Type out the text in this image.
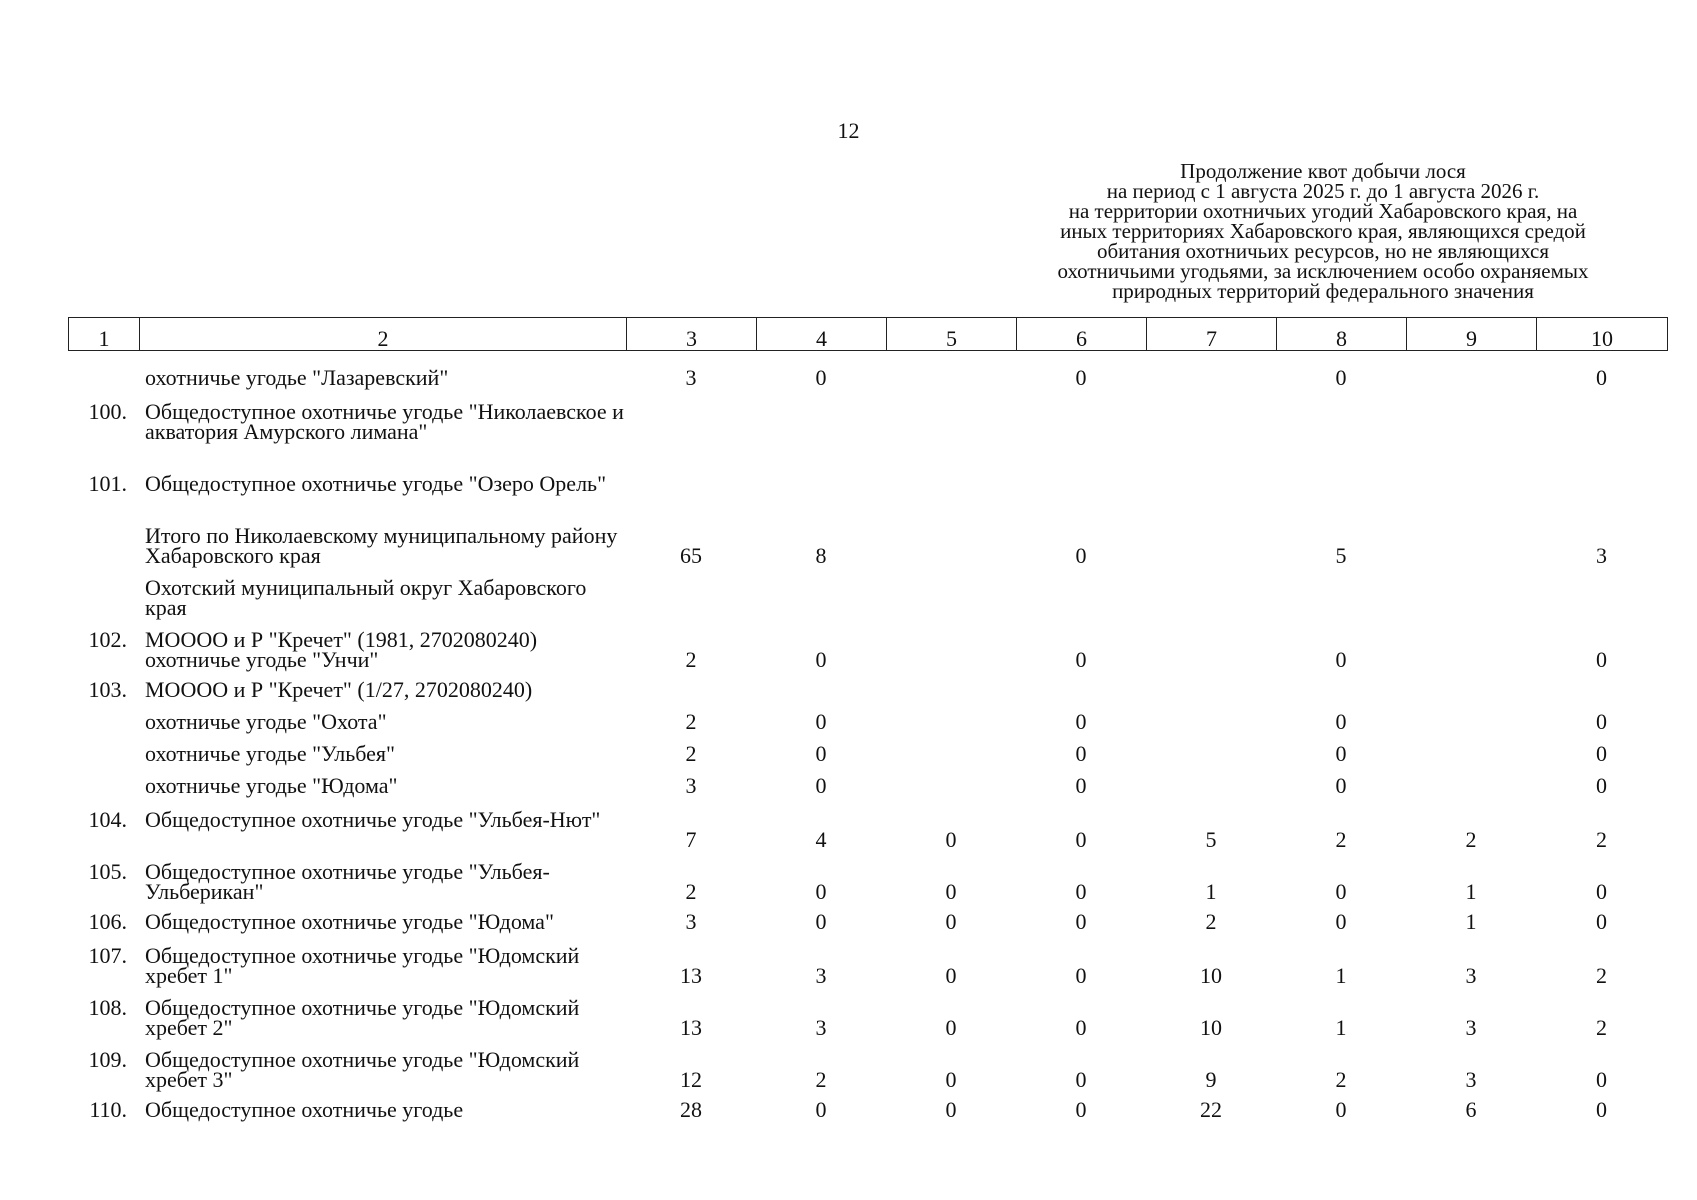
12
Продолжение квот добычи лося
на период с 1 августа 2025 г. до 1 августа 2026 г.
на территории охотничьих угодий Хабаровского края, на
иных территориях Хабаровского края, являющихся средой
обитания охотничьих ресурсов, но не являющихся
охотничьими угодьями, за исключением особо охраняемых
природных территорий федерального значения
1	2	3	4	5	6	7	8	9	10
	охотничье угодье "Лазаревский"	3	0		0		0		0
100.	Общедоступное охотничье угодье "Николаевское и акватория Амурского лимана"								
101.	Общедоступное охотничье угодье "Озеро Орель"								
	Итого по Николаевскому муниципальному району Хабаровского края	65	8		0		5		3
	Охотский муниципальный округ Хабаровского края								
102.	МОООО и Р "Кречет" (1981, 2702080240) охотничье угодье "Унчи"	2	0		0		0		0
103.	МОООО и Р "Кречет" (1/27, 2702080240)								
	охотничье угодье "Охота"	2	0		0		0		0
	охотничье угодье "Ульбея"	2	0		0		0		0
	охотничье угодье "Юдома"	3	0		0		0		0
104.	Общедоступное охотничье угодье "Ульбея-Нют"	7	4	0	0	5	2	2	2
105.	Общедоступное охотничье угодье "Ульбея-Ульберикан"	2	0	0	0	1	0	1	0
106.	Общедоступное охотничье угодье "Юдома"	3	0	0	0	2	0	1	0
107.	Общедоступное охотничье угодье "Юдомский хребет 1"	13	3	0	0	10	1	3	2
108.	Общедоступное охотничье угодье "Юдомский хребет 2"	13	3	0	0	10	1	3	2
109.	Общедоступное охотничье угодье "Юдомский хребет 3"	12	2	0	0	9	2	3	0
110.	Общедоступное охотничье угодье	28	0	0	0	22	0	6	0
